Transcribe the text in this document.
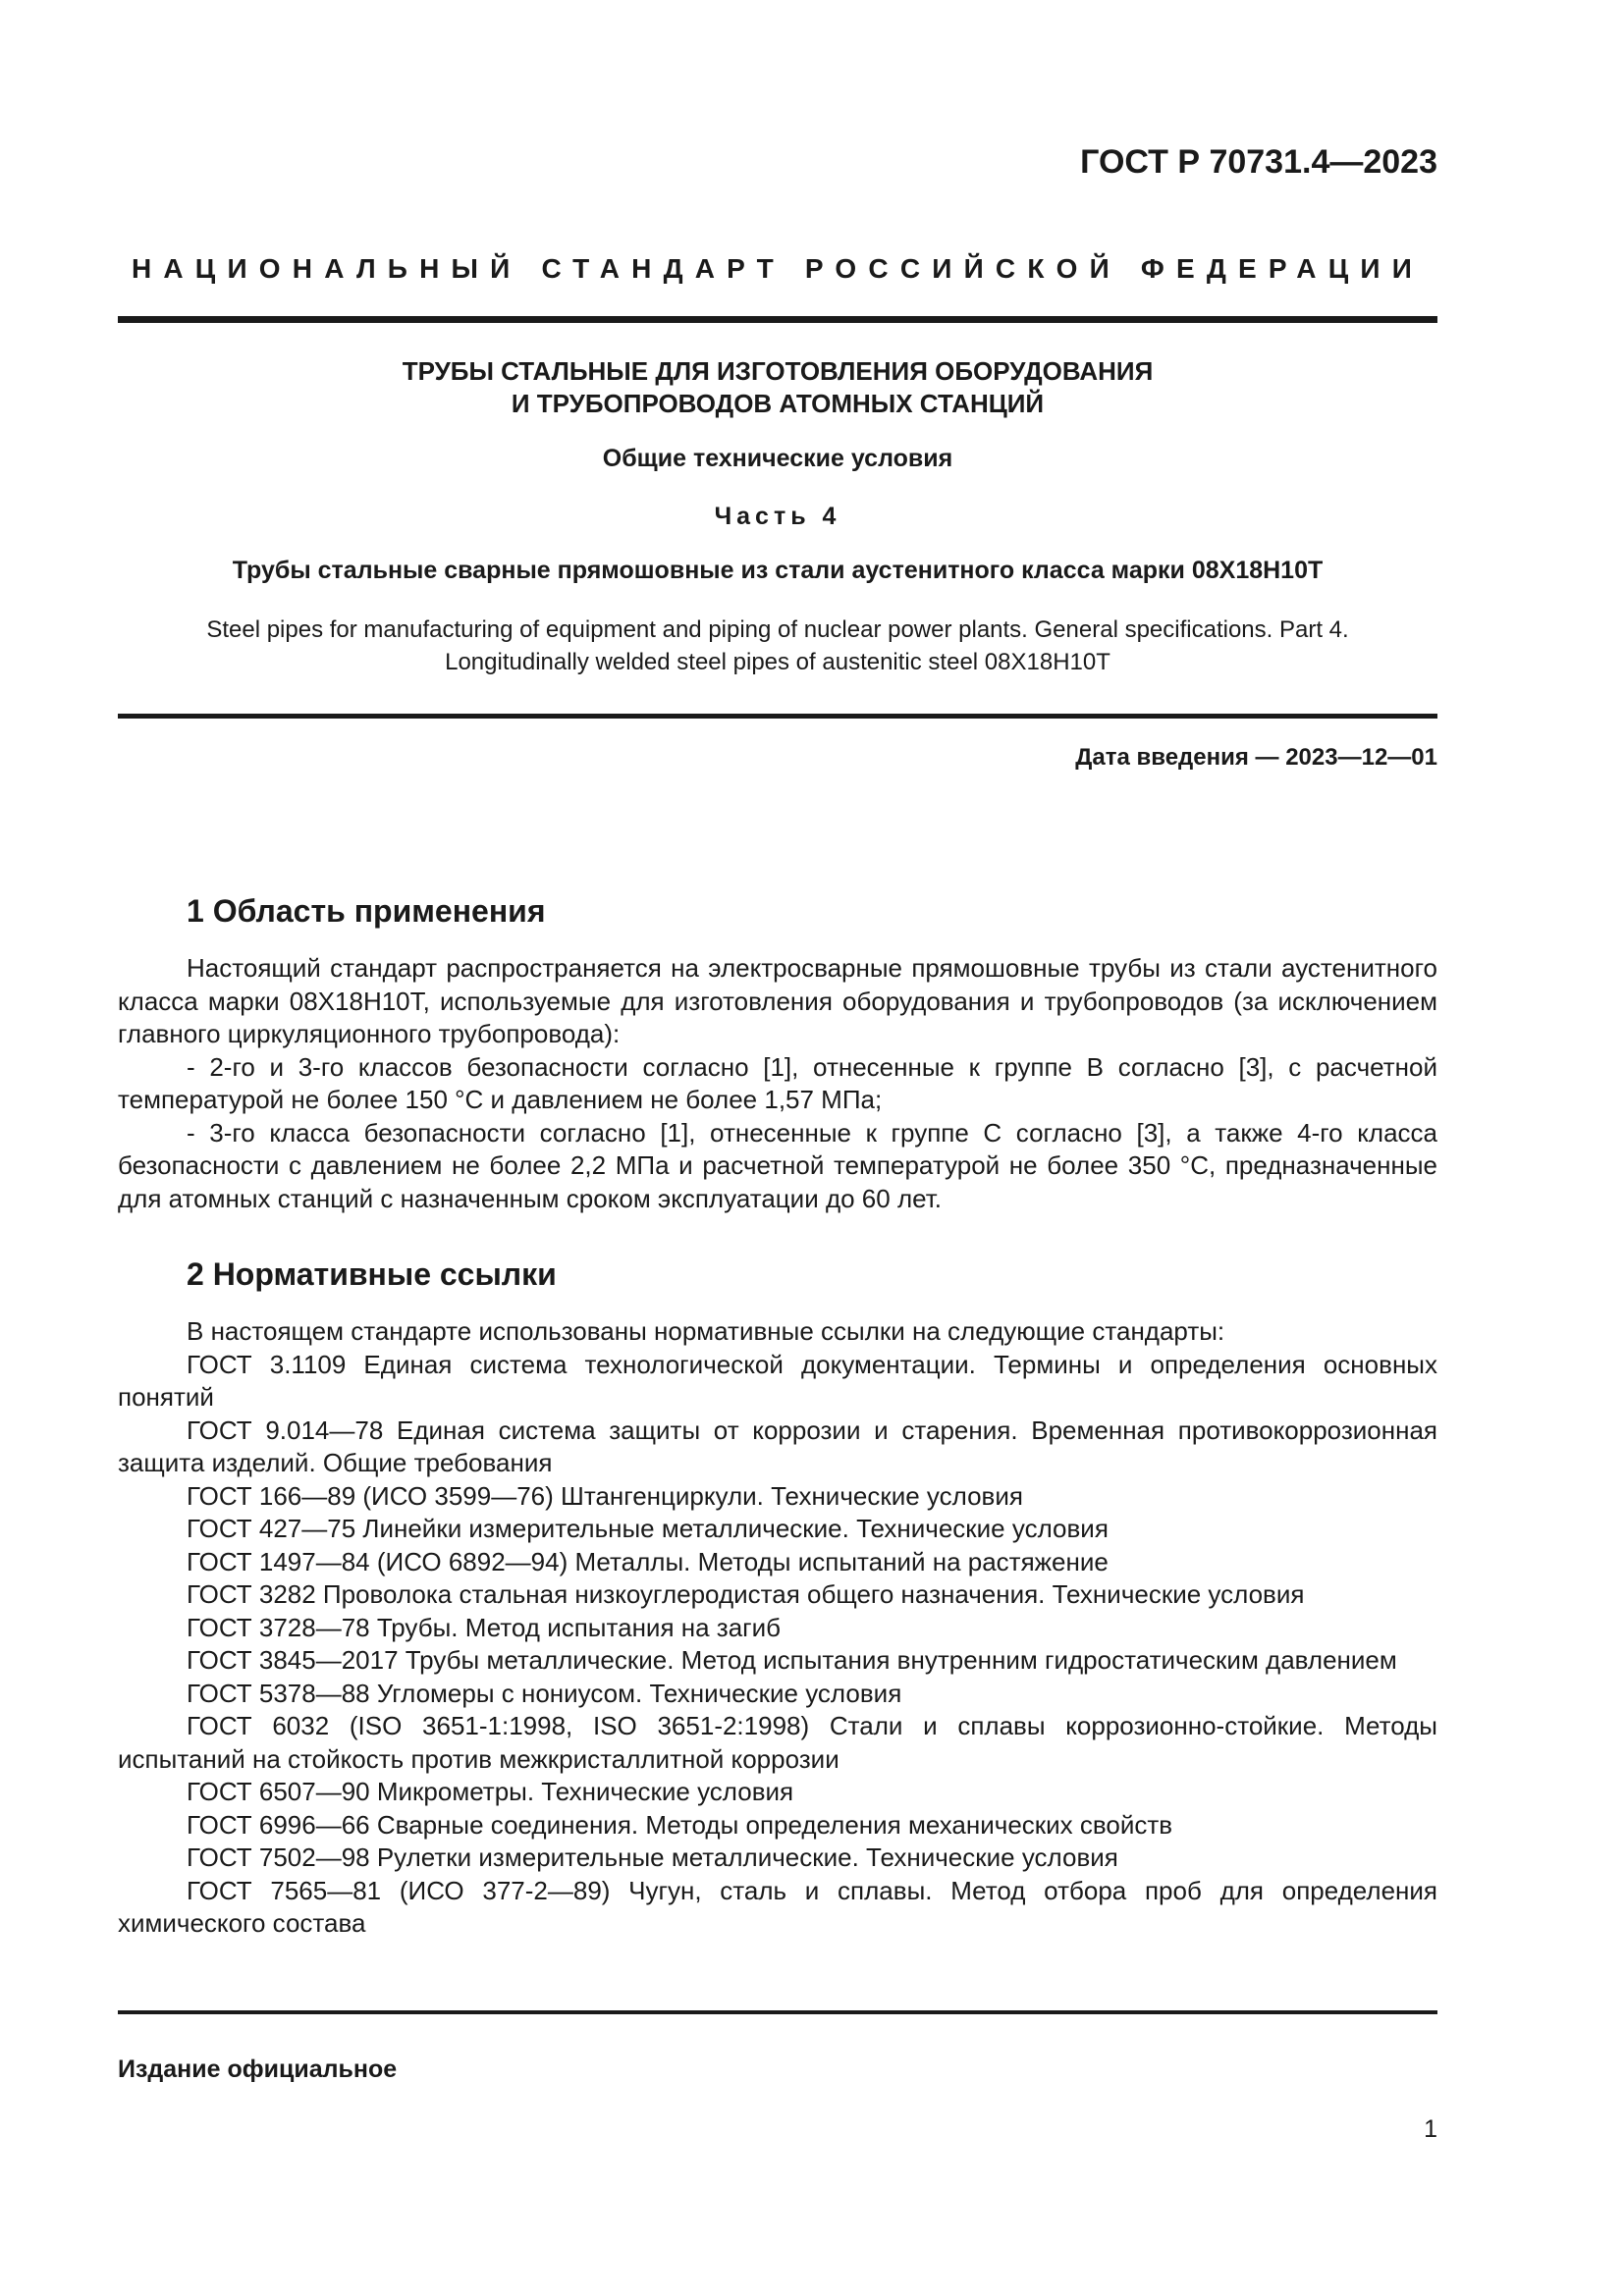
ГОСТ Р 70731.4—2023
НАЦИОНАЛЬНЫЙ СТАНДАРТ РОССИЙСКОЙ ФЕДЕРАЦИИ
ТРУБЫ СТАЛЬНЫЕ ДЛЯ ИЗГОТОВЛЕНИЯ ОБОРУДОВАНИЯ
И ТРУБОПРОВОДОВ АТОМНЫХ СТАНЦИЙ
Общие технические условия
Часть 4
Трубы стальные сварные прямошовные из стали аустенитного класса марки 08Х18Н10Т
Steel pipes for manufacturing of equipment and piping of nuclear power plants. General specifications. Part 4.
Longitudinally welded steel pipes of austenitic steel 08X18H10T
Дата введения — 2023—12—01
1 Область применения

Настоящий стандарт распространяется на электросварные прямошовные трубы из стали аустенитного класса марки 08Х18Н10Т, используемые для изготовления оборудования и трубопроводов (за исключением главного циркуляционного трубопровода):

- 2-го и 3-го классов безопасности согласно [1], отнесенные к группе В согласно [3], с расчетной температурой не более 150 °С и давлением не более 1,57 МПа;

- 3-го класса безопасности согласно [1], отнесенные к группе С согласно [3], а также 4-го класса безопасности с давлением не более 2,2 МПа и расчетной температурой не более 350 °С, предназначенные для атомных станций с назначенным сроком эксплуатации до 60 лет.

2 Нормативные ссылки

В настоящем стандарте использованы нормативные ссылки на следующие стандарты:

ГОСТ 3.1109 Единая система технологической документации. Термины и определения основных понятий

ГОСТ 9.014—78 Единая система защиты от коррозии и старения. Временная противокоррозионная защита изделий. Общие требования

ГОСТ 166—89 (ИСО 3599—76) Штангенциркули. Технические условия

ГОСТ 427—75 Линейки измерительные металлические. Технические условия

ГОСТ 1497—84 (ИСО 6892—94) Металлы. Методы испытаний на растяжение

ГОСТ 3282 Проволока стальная низкоуглеродистая общего назначения. Технические условия

ГОСТ 3728—78 Трубы. Метод испытания на загиб

ГОСТ 3845—2017 Трубы металлические. Метод испытания внутренним гидростатическим давлением

ГОСТ 5378—88 Угломеры с нониусом. Технические условия

ГОСТ 6032 (ISO 3651-1:1998, ISO 3651-2:1998) Стали и сплавы коррозионно-стойкие. Методы испытаний на стойкость против межкристаллитной коррозии

ГОСТ 6507—90 Микрометры. Технические условия

ГОСТ 6996—66 Сварные соединения. Методы определения механических свойств

ГОСТ 7502—98 Рулетки измерительные металлические. Технические условия

ГОСТ 7565—81 (ИСО 377-2—89) Чугун, сталь и сплавы. Метод отбора проб для определения химического состава

Издание официальное
1
